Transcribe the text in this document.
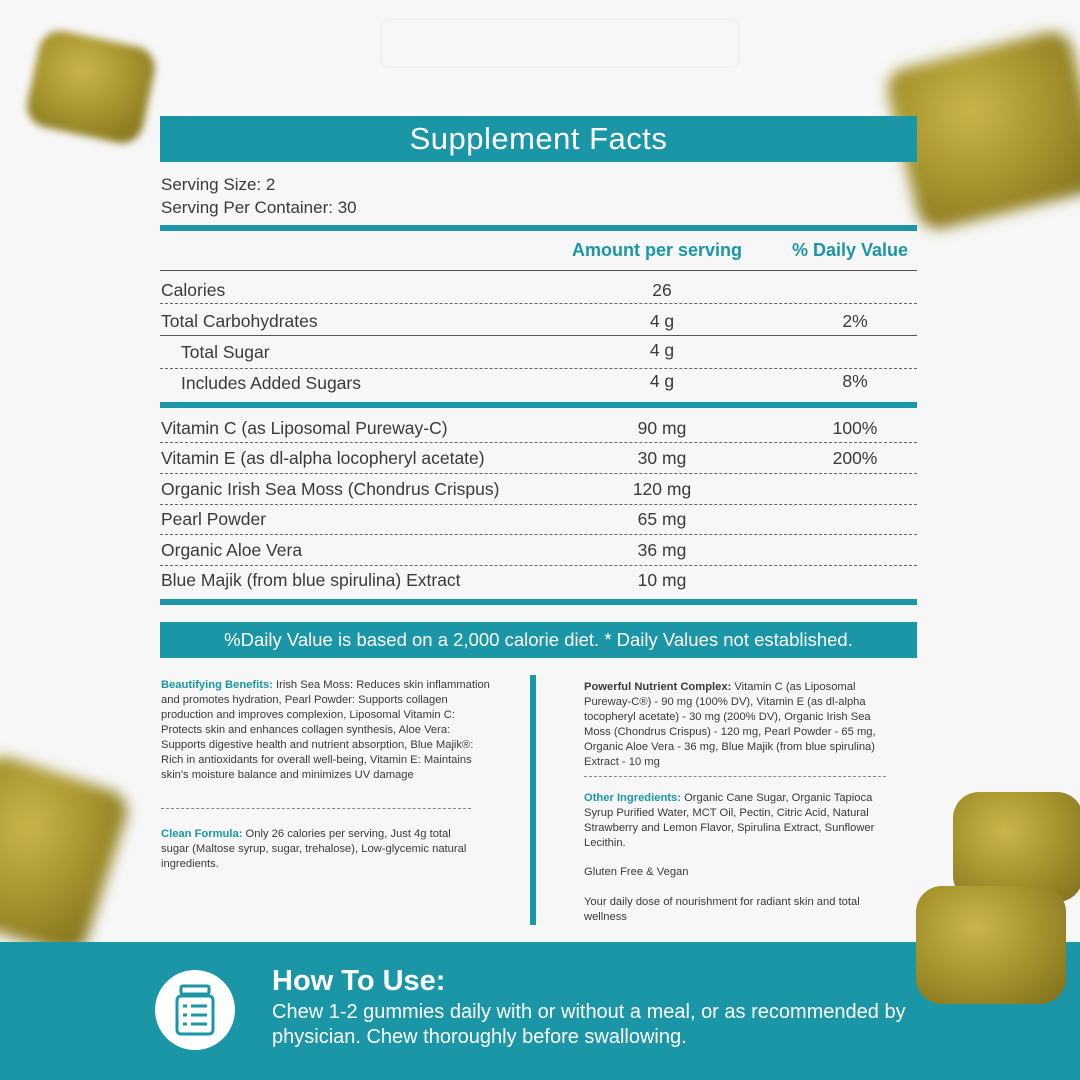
Supplement Facts
Serving Size: 2
Serving Per Container: 30
Amount per serving	% Daily Value
Calories	26
Total Carbohydrates	4 g	2%
Total Sugar	4 g
Includes Added Sugars	4 g	8%
Vitamin C (as Liposomal Pureway-C)	90 mg	100%
Vitamin E (as dl-alpha locopheryl acetate)	30 mg	200%
Organic Irish Sea Moss (Chondrus Crispus)	120 mg
Pearl Powder	65 mg
Organic Aloe Vera	36 mg
Blue Majik (from blue spirulina) Extract	10 mg
%Daily Value is based on a 2,000 calorie diet. * Daily Values not established.
Beautifying Benefits: Irish Sea Moss: Reduces skin inflammation and promotes hydration, Pearl Powder: Supports collagen production and improves complexion, Liposomal Vitamin C: Protects skin and enhances collagen synthesis, Aloe Vera: Supports digestive health and nutrient absorption, Blue Majik®: Rich in antioxidants for overall well-being, Vitamin E: Maintains skin's moisture balance and minimizes UV damage
Clean Formula: Only 26 calories per serving, Just 4g total sugar (Maltose syrup, sugar, trehalose), Low-glycemic natural ingredients.
Powerful Nutrient Complex: Vitamin C (as Liposomal Pureway-C®) - 90 mg (100% DV), Vitamin E (as dl-alpha tocopheryl acetate) - 30 mg (200% DV), Organic Irish Sea Moss (Chondrus Crispus) - 120 mg, Pearl Powder - 65 mg, Organic Aloe Vera - 36 mg, Blue Majik (from blue spirulina) Extract - 10 mg
Other Ingredients: Organic Cane Sugar, Organic Tapioca Syrup Purified Water, MCT Oil, Pectin, Citric Acid, Natural Strawberry and Lemon Flavor, Spirulina Extract, Sunflower Lecithin.
Gluten Free & Vegan
Your daily dose of nourishment for radiant skin and total wellness
How To Use:
Chew 1-2 gummies daily with or without a meal, or as recommended by physician. Chew thoroughly before swallowing.
